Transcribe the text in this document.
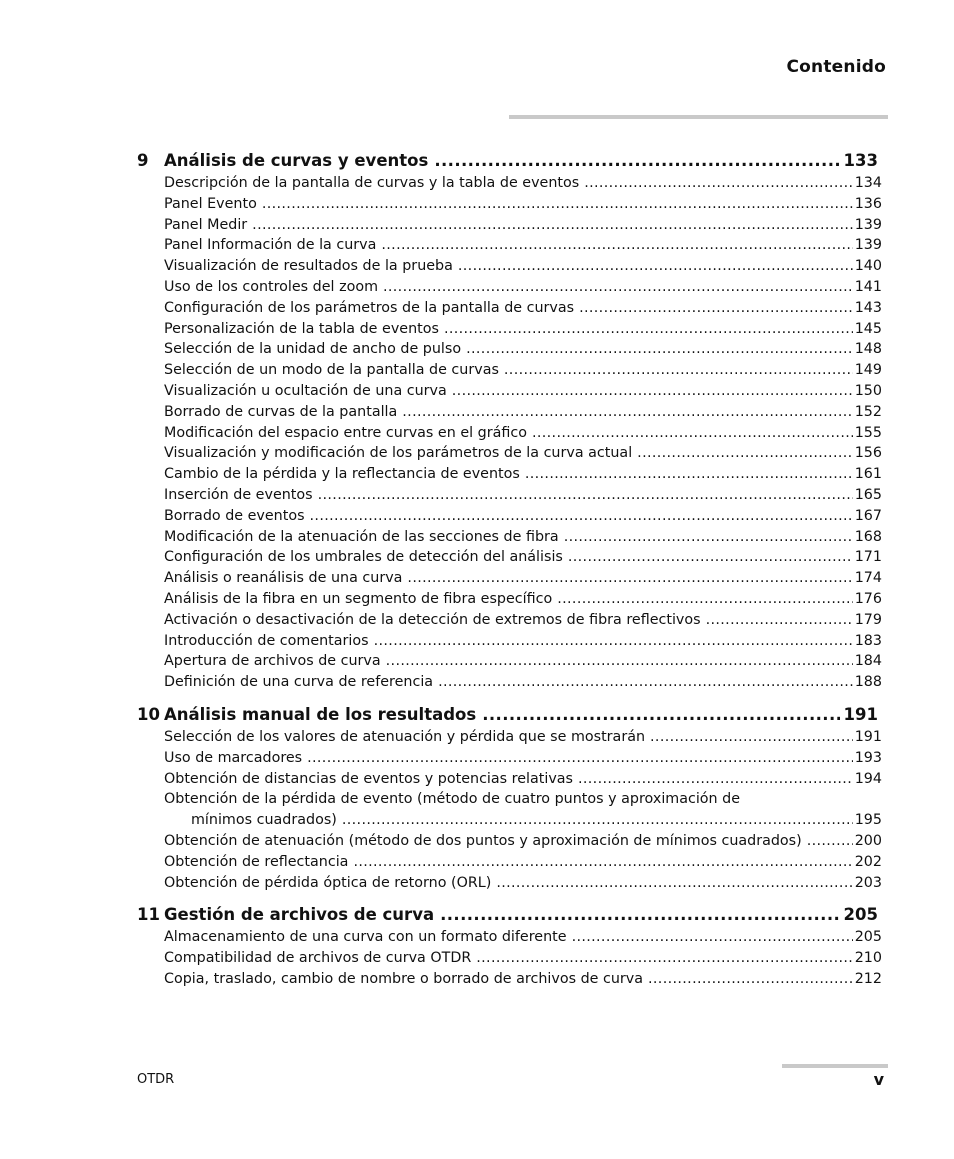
Contenido
9 Análisis de curvas y eventos .....	133
Descripción de la pantalla de curvas y la tabla de eventos .....	134
Panel Evento .....	136
Panel Medir .....	139
Panel Información de la curva .....	139
Visualización de resultados de la prueba .....	140
Uso de los controles del zoom .....	141
Configuración de los parámetros de la pantalla de curvas .....	143
Personalización de la tabla de eventos .....	145
Selección de la unidad de ancho de pulso .....	148
Selección de un modo de la pantalla de curvas .....	149
Visualización u ocultación de una curva .....	150
Borrado de curvas de la pantalla .....	152
Modificación del espacio entre curvas en el gráfico .....	155
Visualización y modificación de los parámetros de la curva actual .....	156
Cambio de la pérdida y la reflectancia de eventos .....	161
Inserción de eventos .....	165
Borrado de eventos .....	167
Modificación de la atenuación de las secciones de fibra .....	168
Configuración de los umbrales de detección del análisis .....	171
Análisis o reanálisis de una curva .....	174
Análisis de la fibra en un segmento de fibra específico .....	176
Activación o desactivación de la detección de extremos de fibra reflectivos .....	179
Introducción de comentarios .....	183
Apertura de archivos de curva .....	184
Definición de una curva de referencia .....	188
10 Análisis manual de los resultados .....	191
Selección de los valores de atenuación y pérdida que se mostrarán .....	191
Uso de marcadores .....	193
Obtención de distancias de eventos y potencias relativas .....	194
Obtención de la pérdida de evento (método de cuatro puntos y aproximación de
mínimos cuadrados) .....	195
Obtención de atenuación (método de dos puntos y aproximación de mínimos cuadrados) .....	200
Obtención de reflectancia .....	202
Obtención de pérdida óptica de retorno (ORL) .....	203
11 Gestión de archivos de curva .....	205
Almacenamiento de una curva con un formato diferente .....	205
Compatibilidad de archivos de curva OTDR .....	210
Copia, traslado, cambio de nombre o borrado de archivos de curva .....	212
OTDR	v
